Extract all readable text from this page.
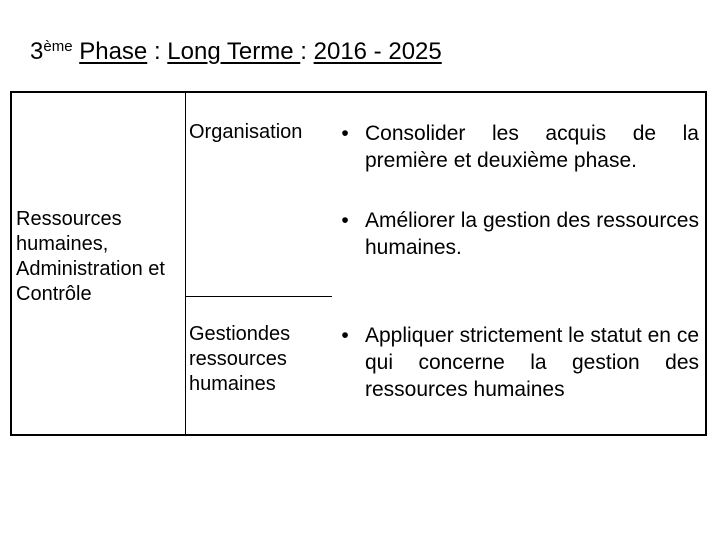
3ème Phase : Long Terme : 2016 - 2025
Ressources humaines, Administration et Contrôle
Organisation
Gestiondes ressources humaines
• Consolider les acquis de la première et deuxième phase.
• Améliorer la gestion des ressources humaines.
• Appliquer strictement le statut en ce qui concerne la gestion des ressources humaines
